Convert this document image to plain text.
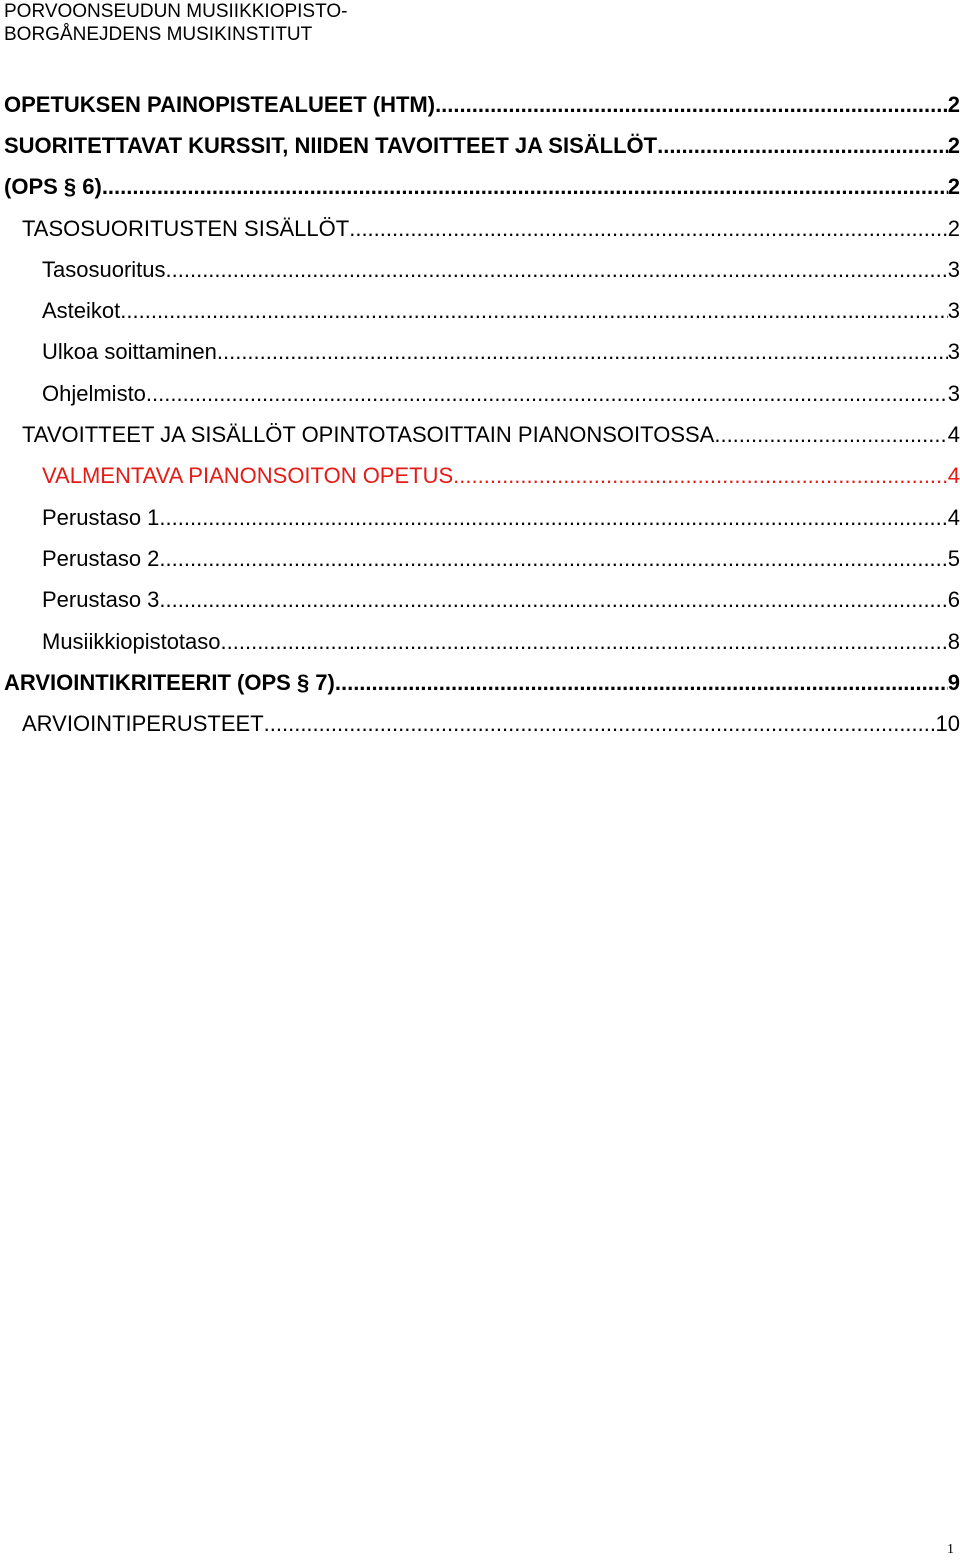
PORVOONSEUDUN MUSIIKKIOPISTO-
BORGÅNEJDENS MUSIKINSTITUT
OPETUKSEN PAINOPISTEALUEET (HTM) .....	2
SUORITETTAVAT KURSSIT, NIIDEN TAVOITTEET JA SISÄLLÖT .....	2
(OPS § 6) .....	2
TASOSUORITUSTEN SISÄLLÖT .....	2
Tasosuoritus .....	3
Asteikot .....	3
Ulkoa soittaminen .....	3
Ohjelmisto .....	3
TAVOITTEET JA SISÄLLÖT OPINTOTASOITTAIN PIANONSOITOSSA .....	4
VALMENTAVA PIANONSOITON OPETUS .....	4
Perustaso 1 .....	4
Perustaso 2 .....	5
Perustaso 3 .....	6
Musiikkiopistotaso .....	8
ARVIOINTIKRITEERIT (OPS § 7) .....	9
ARVIOINTIPERUSTEET .....	10
1
